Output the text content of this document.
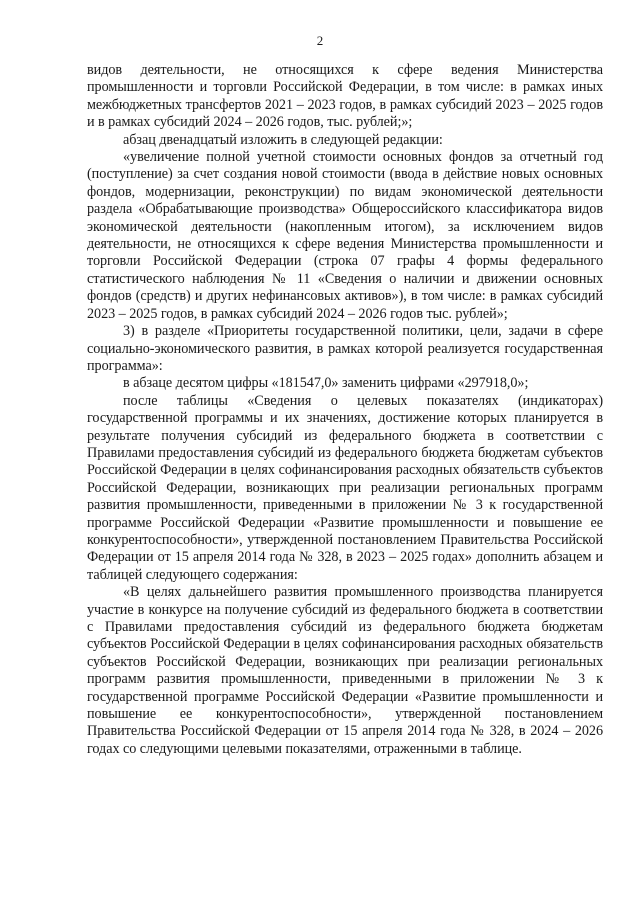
2

видов деятельности, не относящихся к сфере ведения Министерства промышленности и торговли Российской Федерации, в том числе: в рамках иных межбюджетных трансфертов 2021 – 2023 годов, в рамках субсидий 2023 – 2025 годов и в рамках субсидий 2024 – 2026 годов, тыс. рублей;»;

абзац двенадцатый изложить в следующей редакции:

«увеличение полной учетной стоимости основных фондов за отчетный год (поступление) за счет создания новой стоимости (ввода в действие новых основных фондов, модернизации, реконструкции) по видам экономической деятельности раздела «Обрабатывающие производства» Общероссийского классификатора видов экономической деятельности (накопленным итогом), за исключением видов деятельности, не относящихся к сфере ведения Министерства промышленности и торговли Российской Федерации (строка 07 графы 4 формы федерального статистического наблюдения № 11 «Сведения о наличии и движении основных фондов (средств) и других нефинансовых активов»), в том числе: в рамках субсидий 2023 – 2025 годов, в рамках субсидий 2024 – 2026 годов тыс. рублей»;

3) в разделе «Приоритеты государственной политики, цели, задачи в сфере социально-экономического развития, в рамках которой реализуется государственная программа»:

в абзаце десятом цифры «181547,0» заменить цифрами «297918,0»;

после таблицы «Сведения о целевых показателях (индикаторах) государственной программы и их значениях, достижение которых планируется в результате получения субсидий из федерального бюджета в соответствии с Правилами предоставления субсидий из федерального бюджета бюджетам субъектов Российской Федерации в целях софинансирования расходных обязательств субъектов Российской Федерации, возникающих при реализации региональных программ развития промышленности, приведенными в приложении № 3 к государственной программе Российской Федерации «Развитие промышленности и повышение ее конкурентоспособности», утвержденной постановлением Правительства Российской Федерации от 15 апреля 2014 года № 328, в 2023 – 2025 годах» дополнить абзацем и таблицей следующего содержания:

«В целях дальнейшего развития промышленного производства планируется участие в конкурсе на получение субсидий из федерального бюджета в соответствии с Правилами предоставления субсидий из федерального бюджета бюджетам субъектов Российской Федерации в целях софинансирования расходных обязательств субъектов Российской Федерации, возникающих при реализации региональных программ развития промышленности, приведенными в приложении № 3 к государственной программе Российской Федерации «Развитие промышленности и повышение ее конкурентоспособности», утвержденной постановлением Правительства Российской Федерации от 15 апреля 2014 года № 328, в 2024 – 2026 годах со следующими целевыми показателями, отраженными в таблице.
